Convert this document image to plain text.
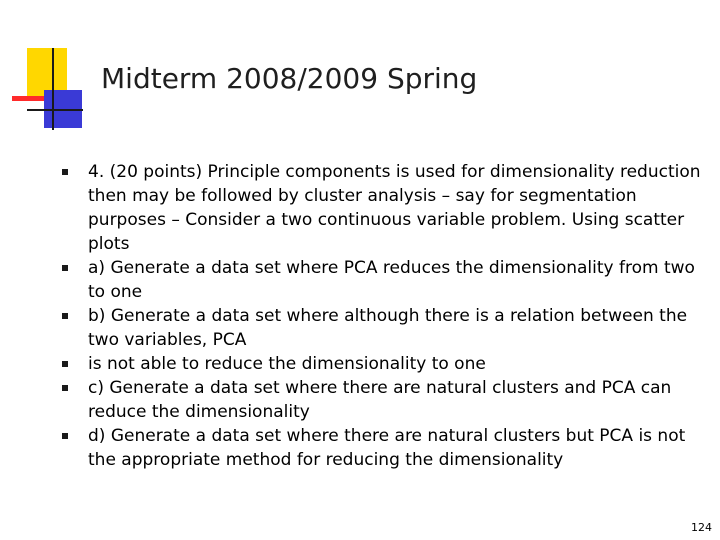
Midterm 2008/2009 Spring
4. (20 points) Principle components is used for dimensionality reduction then may be followed by cluster analysis – say for segmentation purposes – Consider a two continuous variable problem. Using scatter plots
a) Generate a data set where PCA reduces the dimensionality from two to one
b) Generate a data set where although there is a relation between the two variables, PCA
is not able to reduce the dimensionality to one
c) Generate a data set where there are natural clusters and PCA can reduce the dimensionality
d) Generate a data set where there are natural clusters but PCA is not the appropriate method for reducing the dimensionality
124
